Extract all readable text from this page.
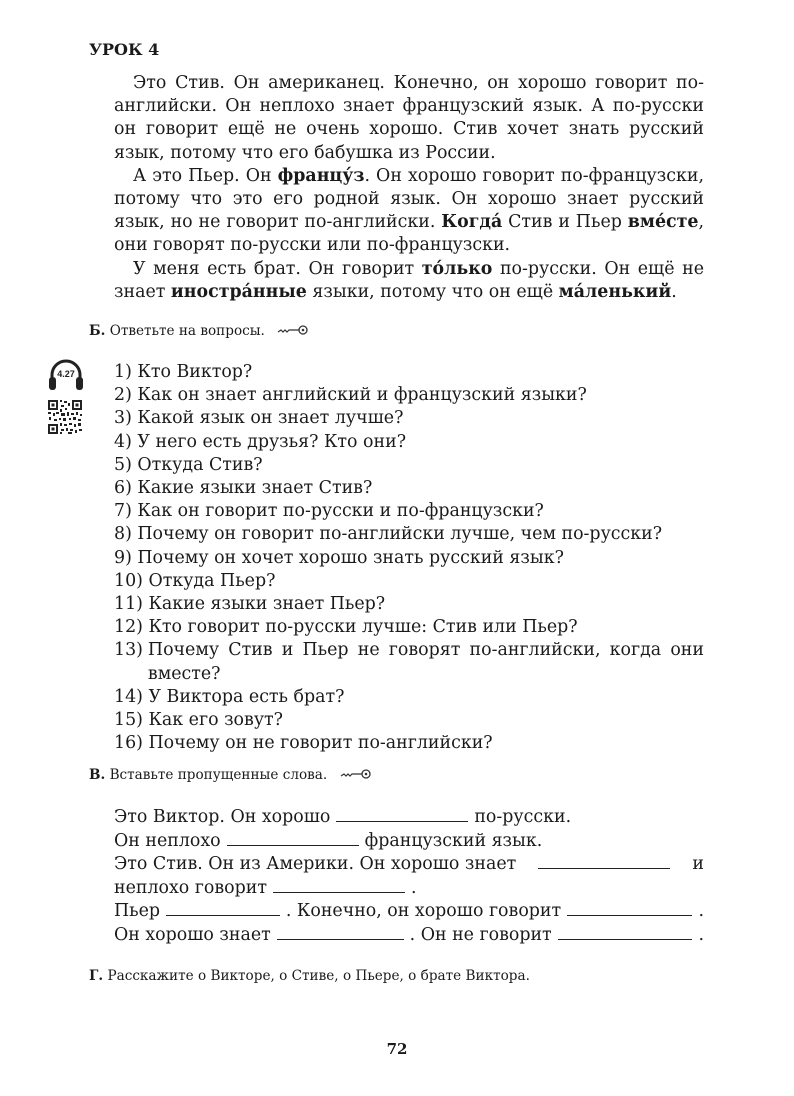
УРОК 4

Это Стив. Он американец. Конечно, он хорошо говорит по-английски. Он неплохо знает французский язык. А по-русски он говорит ещё не очень хорошо. Стив хочет знать русский язык, потому что его бабушка из России.

А это Пьер. Он францу́з. Он хорошо говорит по-французски, потому что это его родной язык. Он хорошо знает русский язык, но не говорит по-английски. Когда́ Стив и Пьер вме́сте, они говорят по-русски или по-французски.

У меня есть брат. Он говорит то́лько по-русски. Он ещё не знает иностра́нные языки, потому что он ещё ма́ленький.

Б. Ответьте на вопросы.
4.27 1) Кто Виктор?
2) Как он знает английский и французский языки?
3) Какой язык он знает лучше?
4) У него есть друзья? Кто они?
5) Откуда Стив?
6) Какие языки знает Стив?
7) Как он говорит по-русски и по-французски?
8) Почему он говорит по-английски лучше, чем по-русски?
9) Почему он хочет хорошо знать русский язык?
10) Откуда Пьер?
11) Какие языки знает Пьер?
12) Кто говорит по-русски лучше: Стив или Пьер?
13) Почему Стив и Пьер не говорят по-английски, когда они вместе?
14) У Виктора есть брат?
15) Как его зовут?
16) Почему он не говорит по-английски?
В. Вставьте пропущенные слова.
Это Виктор. Он хорошо	по-русски.
Он неплохо	французский язык.
Это Стив. Он из Америки. Он хорошо знает	и
неплохо говорит	.
Пьер	. Конечно, он хорошо говорит	.
Он хорошо знает	. Он не говорит	.
Г. Расскажите о Викторе, о Стиве, о Пьере, о брате Виктора.
72
